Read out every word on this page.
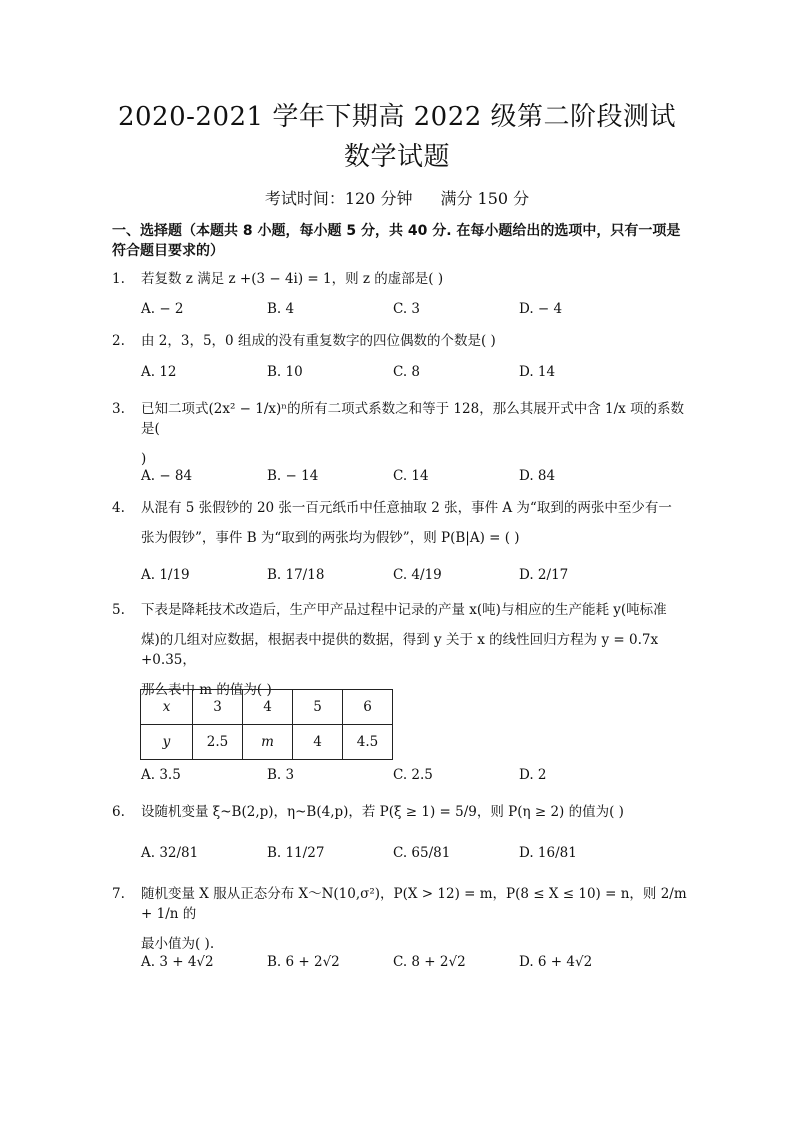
2020-2021 学年下期高 2022 级第二阶段测试
数学试题
考试时间：120 分钟 满分 150 分
一、选择题（本题共 8 小题，每小题 5 分，共 40 分. 在每小题给出的选项中，只有一项是符合题目要求的）
1. 若复数 z 满足 z +(3 − 4i) = 1，则 z 的虚部是( )
A. − 2	B. 4	C. 3	D. − 4
2. 由 2，3，5，0 组成的没有重复数字的四位偶数的个数是( )
A. 12	B. 10	C. 8	D. 14
3. 已知二项式(2x² − 1/x)ⁿ的所有二项式系数之和等于 128，那么其展开式中含 1/x 项的系数是(

)

A. − 84	B. − 14	C. 14	D. 84
4. 从混有 5 张假钞的 20 张一百元纸币中任意抽取 2 张，事件 A 为“取到的两张中至少有一

张为假钞”，事件 B 为“取到的两张均为假钞”，则 P(B|A) = ( )

A. 1/19	B. 17/18	C. 4/19	D. 2/17
5. 下表是降耗技术改造后，生产甲产品过程中记录的产量 x(吨)与相应的生产能耗 y(吨标准

煤)的几组对应数据，根据表中提供的数据，得到 y 关于 x 的线性回归方程为 y = 0.7x +0.35，

那么表中 m 的值为( )

x	3	4	5	6
y	2.5	m	4	4.5
A. 3.5	B. 3	C. 2.5	D. 2
6. 设随机变量 ξ~B(2,p)，η~B(4,p)，若 P(ξ ≥ 1) = 5/9，则 P(η ≥ 2) 的值为( )
A. 32/81	B. 11/27	C. 65/81	D. 16/81
7. 随机变量 X 服从正态分布 X～N(10,σ²)，P(X > 12) = m，P(8 ≤ X ≤ 10) = n，则 2/m + 1/n 的

最小值为( ).

A. 3 + 4√2	B. 6 + 2√2	C. 8 + 2√2	D. 6 + 4√2
